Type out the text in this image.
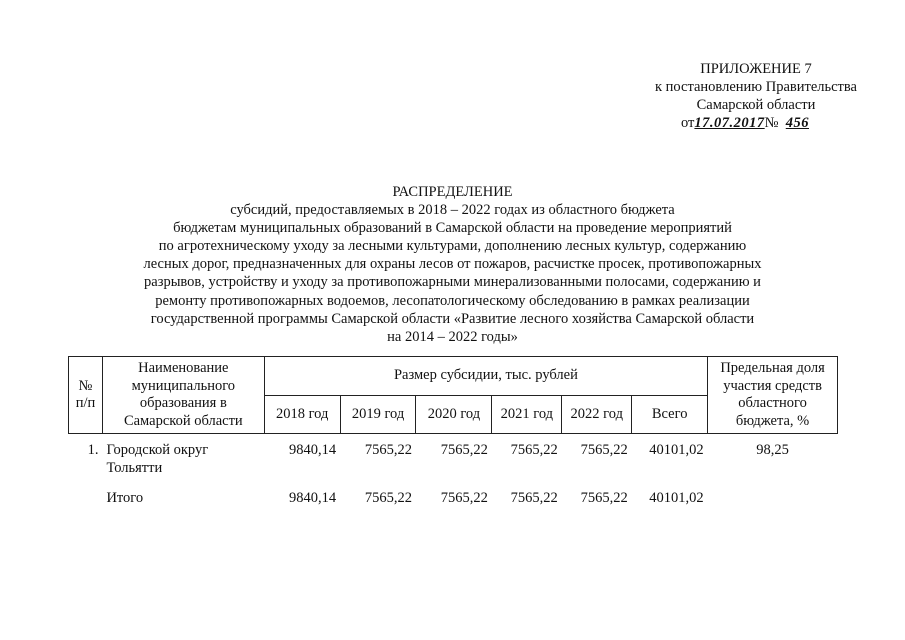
ПРИЛОЖЕНИЕ 7
к постановлению Правительства
Самарской области
от17.07.2017№ 456
РАСПРЕДЕЛЕНИЕ
субсидий, предоставляемых в 2018 – 2022 годах из областного бюджета
бюджетам муниципальных образований в Самарской области на проведение мероприятий
по агротехническому уходу за лесными культурами, дополнению лесных культур, содержанию
лесных дорог, предназначенных для охраны лесов от пожаров, расчистке просек, противопожарных
разрывов, устройству и уходу за противопожарными минерализованными полосами, содержанию и
ремонту противопожарных водоемов, лесопатологическому обследованию в рамках реализации
государственной программы Самарской области «Развитие лесного хозяйства Самарской области
на 2014 – 2022 годы»
№ п/п	Наименование муниципального образования в Самарской области	Размер субсидии, тыс. рублей						Предельная доля участия средств областного бюджета, %
		2018 год	2019 год	2020 год	2021 год	2022 год	Всего	
1.	Городской округ Тольятти	9840,14	7565,22	7565,22	7565,22	7565,22	40101,02	98,25
	Итого	9840,14	7565,22	7565,22	7565,22	7565,22	40101,02	
